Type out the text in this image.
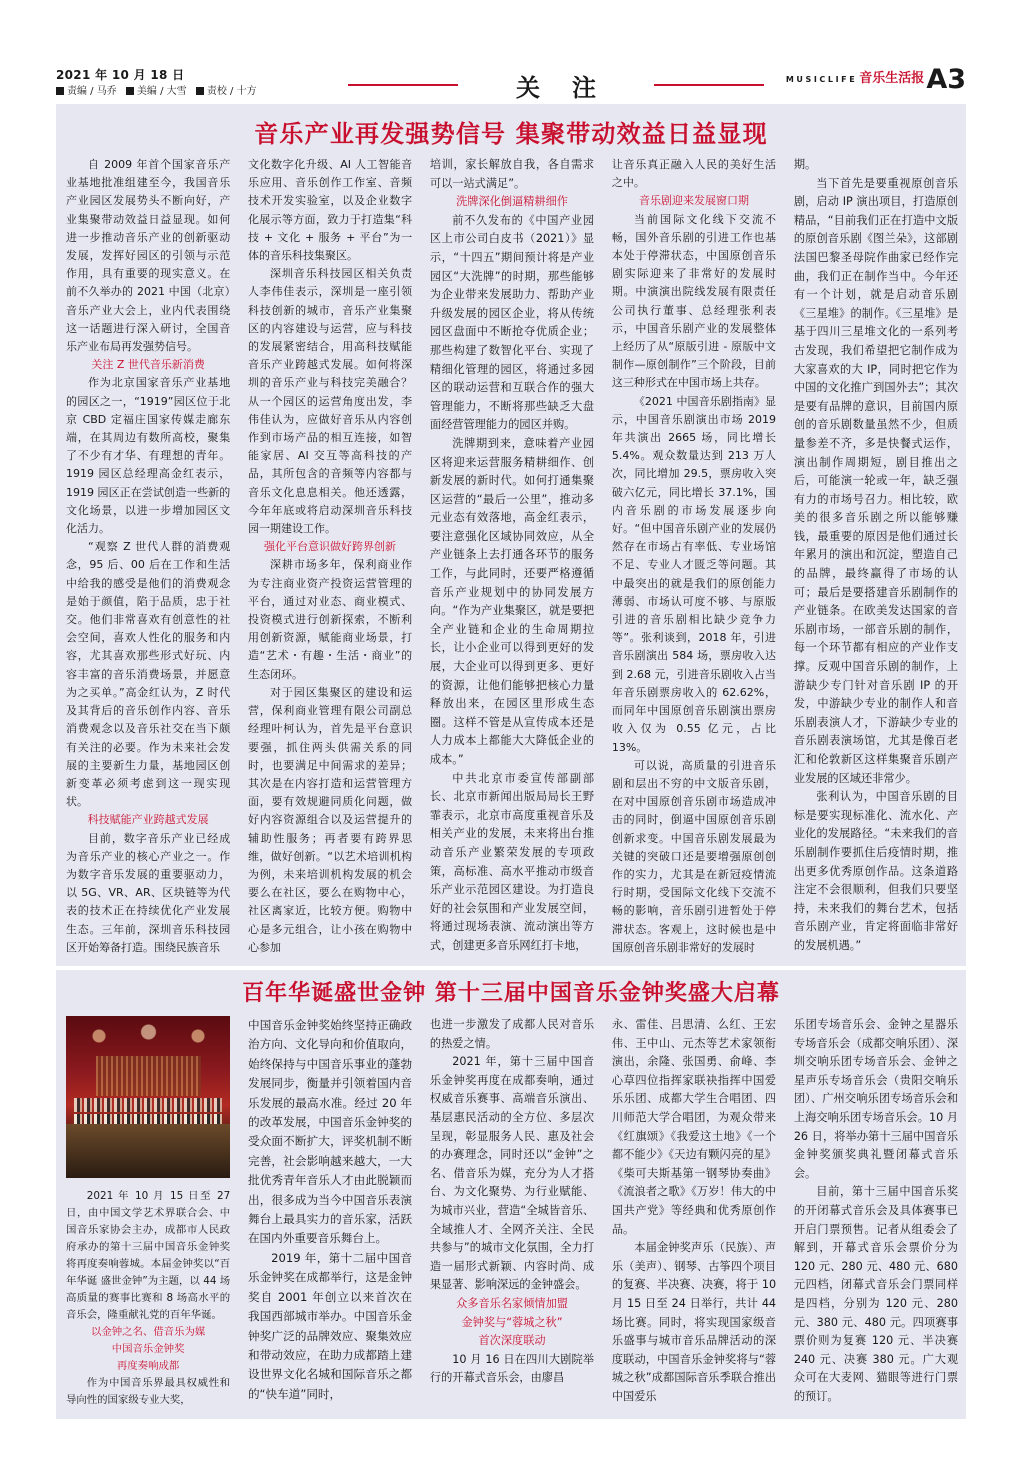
2021 年 10 月 18 日
责编 / 马乔 美编 / 大雪 责校 / 十方	关注	$^{MUSICLIFE}$ $^{音乐生活报}$A3
音乐产业再发强势信号 集聚带动效益日益显现

自 2009 年首个国家音乐产业基地批准组建至今，我国音乐产业园区发展势头不断向好，产业集聚带动效益日益显现。如何进一步推动音乐产业的创新驱动发展，发挥好园区的引领与示范作用，具有重要的现实意义。在前不久举办的 2021 中国（北京）音乐产业大会上，业内代表围绕这一话题进行深入研讨，全国音乐产业布局再发强势信号。

关注 Z 世代音乐新消费

作为北京国家音乐产业基地的园区之一，“1919”园区位于北京 CBD 定福庄国家传媒走廊东端，在其周边有数所高校，聚集了不少有才华、有理想的青年。1919 园区总经理高金红表示，1919 园区正在尝试创造一些新的文化场景，以进一步增加园区文化活力。

“观察 Z 世代人群的消费观念，95 后、00 后在工作和生活中给我的感受是他们的消费观念是始于颜值，陷于品质，忠于社交。他们非常喜欢有创意性的社会空间，喜欢人性化的服务和内容，尤其喜欢那些形式好玩、内容丰富的音乐消费场景，并愿意为之买单。”高金红认为，Z 时代及其背后的音乐创作内容、音乐消费观念以及音乐社交在当下颇有关注的必要。作为未来社会发展的主要新生力量，基地园区创新变革必须考虑到这一现实现状。

科技赋能产业跨越式发展

目前，数字音乐产业已经成为音乐产业的核心产业之一。作为数字音乐发展的重要驱动力，以 5G、VR、AR、区块链等为代表的技术正在持续优化产业发展生态。三年前，深圳音乐科技园区开始筹备打造。围绕民族音乐

文化数字化升级、AI 人工智能音乐应用、音乐创作工作室、音频技术开发实验室，以及企业数字化展示等方面，致力于打造集“科技 + 文化 + 服务 + 平台”为一体的音乐科技集聚区。

深圳音乐科技园区相关负责人李伟佳表示，深圳是一座引领科技创新的城市，音乐产业集聚区的内容建设与运营，应与科技的发展紧密结合，用高科技赋能音乐产业跨越式发展。如何将深圳的音乐产业与科技完美融合？从一个园区的运营角度出发，李伟佳认为，应做好音乐从内容创作到市场产品的相互连接，如智能家居、AI 交互等高科技的产品，其所包含的音频等内容都与音乐文化息息相关。他还透露，今年年底或将启动深圳音乐科技园一期建设工作。

强化平台意识做好跨界创新

深耕市场多年，保利商业作为专注商业资产投资运营管理的平台，通过对业态、商业模式、投资模式进行创新探索，不断利用创新资源，赋能商业场景，打造“艺术・有趣・生活・商业”的生态闭环。

对于园区集聚区的建设和运营，保利商业管理有限公司副总经理叶柯认为，首先是平台意识要强，抓住两头供需关系的同时，也要满足中间需求的差异；其次是在内容打造和运营管理方面，要有效规避同质化问题，做好内容资源组合以及运营提升的辅助性服务；再者要有跨界思维，做好创新。“以艺术培训机构为例，未来培训机构发展的机会要么在社区，要么在购物中心，社区离家近，比较方便。购物中心是多元组合，让小孩在购物中心参加

培训，家长解放自我，各自需求可以一站式满足”。

洗牌深化倒逼精耕细作

前不久发布的《中国产业园区上市公司白皮书（2021）》显示，“十四五”期间预计将是产业园区“大洗牌”的时期，那些能够为企业带来发展助力、帮助产业升级发展的园区企业，将从传统园区盘面中不断抢夺优质企业；那些构建了数智化平台、实现了精细化管理的园区，将通过多园区的联动运营和互联合作的强大管理能力，不断将那些缺乏大盘面经营管理能力的园区并购。

洗牌期到来，意味着产业园区将迎来运营服务精耕细作、创新发展的新时代。如何打通集聚区运营的“最后一公里”，推动多元业态有效落地，高金红表示，要注意强化区域协同效应，从全产业链条上去打通各环节的服务工作，与此同时，还要严格遵循音乐产业规划中的协同发展方向。“作为产业集聚区，就是要把全产业链和企业的生命周期拉长，让小企业可以得到更好的发展，大企业可以得到更多、更好的资源，让他们能够把核心力量释放出来，在园区里形成生态圈。这样不管是从宣传成本还是人力成本上都能大大降低企业的成本。”

中共北京市委宣传部副部长、北京市新闻出版局局长王野霏表示，北京市高度重视音乐及相关产业的发展，未来将出台推动音乐产业繁荣发展的专项政策，高标准、高水平推动市级音乐产业示范园区建设。为打造良好的社会氛围和产业发展空间，将通过现场表演、流动演出等方式，创建更多音乐网红打卡地，

让音乐真正融入人民的美好生活之中。

音乐剧迎来发展窗口期

当前国际文化线下交流不畅，国外音乐剧的引进工作也基本处于停滞状态，中国原创音乐剧实际迎来了非常好的发展时期。中演演出院线发展有限责任公司执行董事、总经理张利表示，中国音乐剧产业的发展整体上经历了从“原版引进 - 原版中文制作—原创制作”三个阶段，目前这三种形式在中国市场上共存。

《2021 中国音乐剧指南》显示，中国音乐剧演出市场 2019 年共演出 2665 场，同比增长 5.4%。观众数量达到 213 万人次，同比增加 29.5，票房收入突破六亿元，同比增长 37.1%，国内音乐剧的市场发展逐步向好。“但中国音乐剧产业的发展仍然存在市场占有率低、专业场馆不足、专业人才匮乏等问题。其中最突出的就是我们的原创能力薄弱、市场认可度不够、与原版引进的音乐剧相比缺少竞争力等”。张利谈到，2018 年，引进音乐剧演出 584 场，票房收入达到 2.68 元，引进音乐剧收入占当年音乐剧票房收入的 62.62%，而同年中国原创音乐剧演出票房收入仅为 0.55 亿元，占比 13%。

可以说，高质量的引进音乐剧和层出不穷的中文版音乐剧，在对中国原创音乐剧市场造成冲击的同时，倒逼中国原创音乐剧创新求变。中国音乐剧发展最为关键的突破口还是要增强原创创作的实力，尤其是在新冠疫情流行时期，受国际文化线下交流不畅的影响，音乐剧引进暂处于停滞状态。客观上，这时候也是中国原创音乐剧非常好的发展时

期。

当下首先是要重视原创音乐剧，启动 IP 演出项目，打造原创精品，“目前我们正在打造中文版的原创音乐剧《图兰朵》，这部剧法国巴黎圣母院作曲家已经作完曲，我们正在制作当中。今年还有一个计划，就是启动音乐剧《三星堆》的制作。《三星堆》是基于四川三星堆文化的一系列考古发现，我们希望把它制作成为大家喜欢的大 IP，同时把它作为中国的文化推广到国外去”；其次是要有品牌的意识，目前国内原创的音乐剧数量虽然不少，但质量参差不齐，多是快餐式运作，演出制作周期短，剧目推出之后，可能演一轮或一年，缺乏强有力的市场号召力。相比较，欧美的很多音乐剧之所以能够赚钱，最重要的原因是他们通过长年累月的演出和沉淀，塑造自己的品牌，最终赢得了市场的认可；最后是要搭建音乐剧制作的产业链条。在欧美发达国家的音乐剧市场，一部音乐剧的制作，每一个环节都有相应的产业作支撑。反观中国音乐剧的制作，上游缺少专门针对音乐剧 IP 的开发，中游缺少专业的制作人和音乐剧表演人才，下游缺少专业的音乐剧表演场馆，尤其是像百老汇和伦敦新区这样集聚音乐剧产业发展的区域还非常少。

张利认为，中国音乐剧的目标是要实现标准化、流水化、产业化的发展路径。“未来我们的音乐剧制作要抓住后疫情时期，推出更多优秀原创作品。这条道路注定不会很顺利，但我们只要坚持，未来我们的舞台艺术，包括音乐剧产业，肯定将面临非常好的发展机遇。”

百年华诞盛世金钟 第十三届中国音乐金钟奖盛大启幕

2021 年 10 月 15 日至 27 日，由中国文学艺术界联合会、中国音乐家协会主办，成都市人民政府承办的第十三届中国音乐金钟奖将再度奏响蓉城。本届金钟奖以“百年华诞 盛世金钟”为主题，以 44 场高质量的赛事比赛和 8 场高水平的音乐会，隆重献礼党的百年华诞。

以金钟之名、借音乐为媒

中国音乐金钟奖

再度奏响成都

作为中国音乐界最具权威性和导向性的国家级专业大奖，

中国音乐金钟奖始终坚持正确政治方向、文化导向和价值取向，始终保持与中国音乐事业的蓬勃发展同步，衡量并引领着国内音乐发展的最高水准。经过 20 年的改革发展，中国音乐金钟奖的受众面不断扩大，评奖机制不断完善，社会影响越来越大，一大批优秀青年音乐人才由此脱颖而出，很多成为当今中国音乐表演舞台上最具实力的音乐家，活跃在国内外重要音乐舞台上。

2019 年，第十二届中国音乐金钟奖在成都举行，这是金钟奖自 2001 年创立以来首次在我国西部城市举办。中国音乐金钟奖广泛的品牌效应、聚集效应和带动效应，在助力成都踏上建设世界文化名城和国际音乐之都的“快车道”同时，

也进一步激发了成都人民对音乐的热爱之情。

2021 年，第十三届中国音乐金钟奖再度在成都奏响，通过权威音乐赛事、高端音乐演出、基层惠民活动的全方位、多层次呈现，彰显服务人民、惠及社会的办赛理念，同时还以“金钟”之名、借音乐为媒，充分为人才搭台、为文化聚势、为行业赋能、为城市兴业，营造“全城皆音乐、全域推人才、全网齐关注、全民共参与”的城市文化氛围，全力打造一届形式新颖、内容时尚、成果显著、影响深远的金钟盛会。

众多音乐名家倾情加盟

金钟奖与“蓉城之秋”

首次深度联动

10 月 16 日在四川大剧院举行的开幕式音乐会，由廖昌

永、雷佳、吕思清、么红、王宏伟、王中山、元杰等艺术家领衔演出，余隆、张国勇、俞峰、李心草四位指挥家联袂指挥中国爱乐乐团、成都大学生合唱团、四川师范大学合唱团，为观众带来《红旗颂》《我爱这土地》《一个都不能少》《天边有颗闪亮的星》《柴可夫斯基第一钢琴协奏曲》《流浪者之歌》《万岁！伟大的中国共产党》等经典和优秀原创作品。

本届金钟奖声乐（民族）、声乐（美声）、钢琴、古筝四个项目的复赛、半决赛、决赛，将于 10 月 15 日至 24 日举行，共计 44 场比赛。同时，将实现国家级音乐盛事与城市音乐品牌活动的深度联动，中国音乐金钟奖将与“蓉城之秋”成都国际音乐季联合推出中国爱乐

乐团专场音乐会、金钟之星器乐专场音乐会（成都交响乐团）、深圳交响乐团专场音乐会、金钟之星声乐专场音乐会（贵阳交响乐团）、广州交响乐团专场音乐会和上海交响乐团专场音乐会。10 月 26 日，将举办第十三届中国音乐金钟奖颁奖典礼暨闭幕式音乐会。

目前，第十三届中国音乐奖的开闭幕式音乐会及具体赛事已开启门票预售。记者从组委会了解到，开幕式音乐会票价分为 120 元、280 元、480 元、680 元四档，闭幕式音乐会门票同样是四档，分别为 120 元、280 元、380 元、480 元。四项赛事票价则为复赛 120 元、半决赛 240 元、决赛 380 元。广大观众可在大麦网、猫眼等进行门票的预订。
